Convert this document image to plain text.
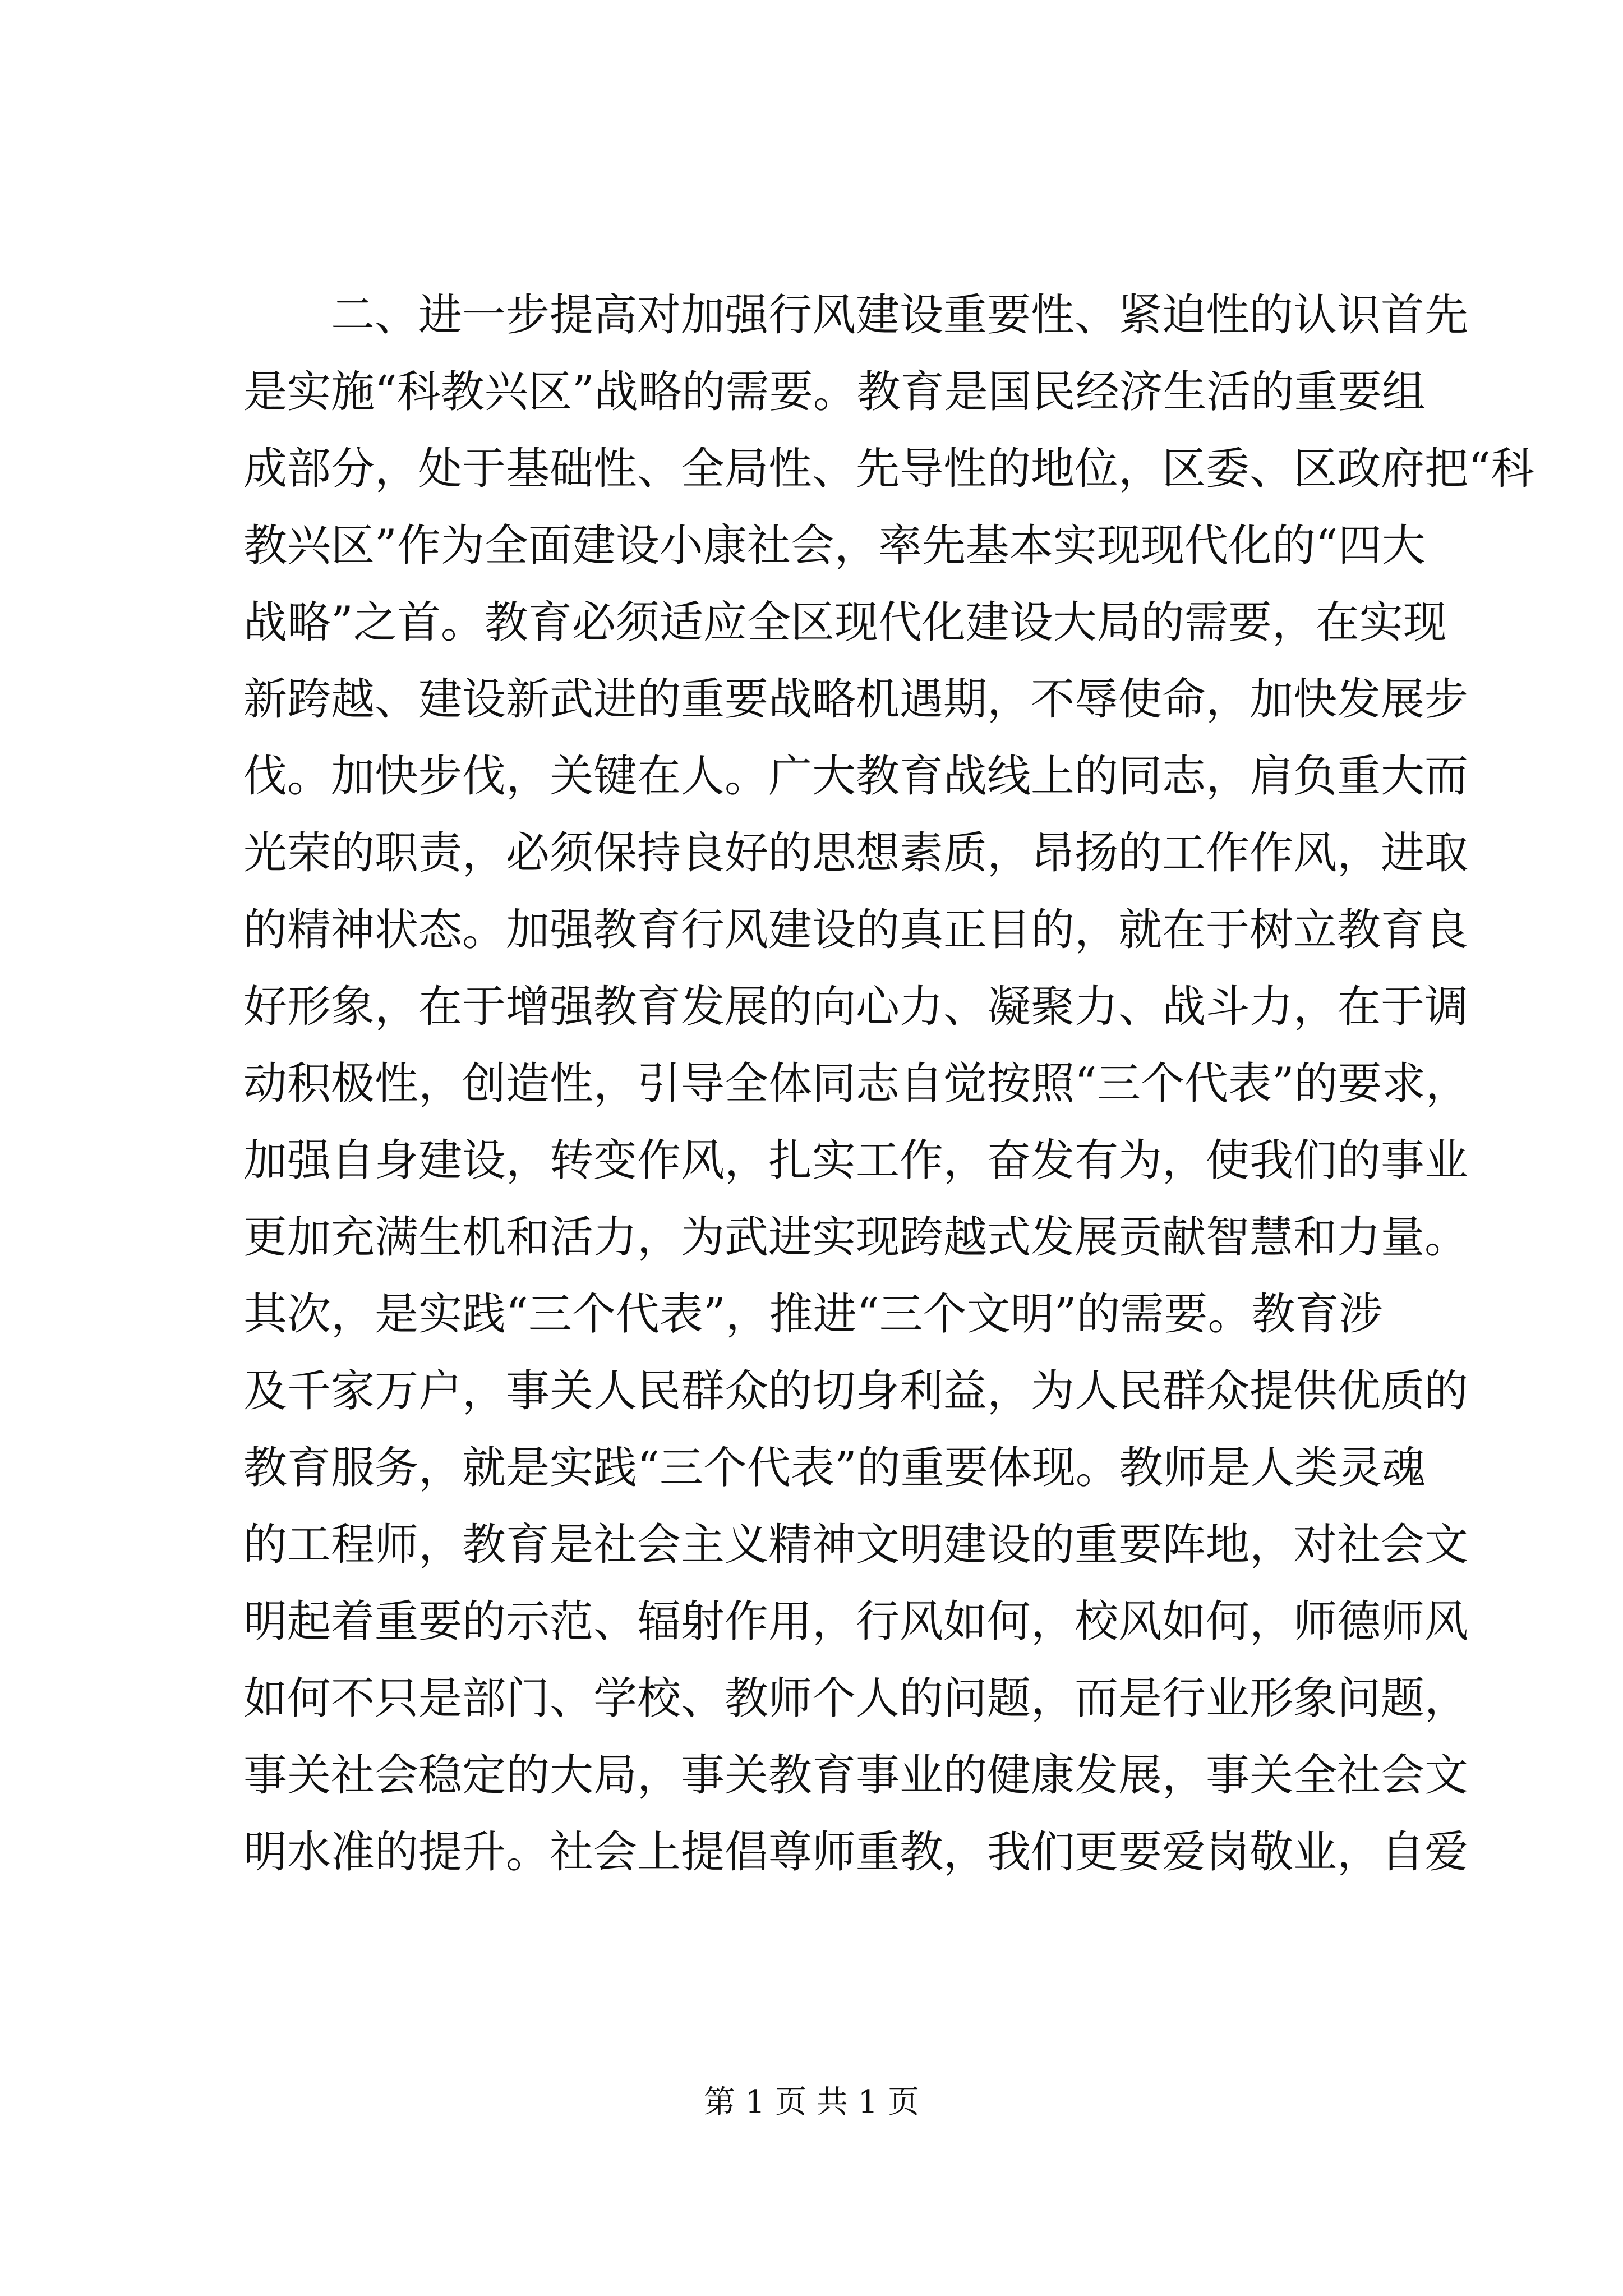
二、进一步提高对加强行风建设重要性、紧迫性的认识首先
是实施“科教兴区”战略的需要。教育是国民经济生活的重要组
成部分，处于基础性、全局性、先导性的地位，区委、区政府把“科
教兴区”作为全面建设小康社会，率先基本实现现代化的“四大
战略”之首。教育必须适应全区现代化建设大局的需要，在实现
新跨越、建设新武进的重要战略机遇期，不辱使命，加快发展步
伐。加快步伐，关键在人。广大教育战线上的同志，肩负重大而
光荣的职责，必须保持良好的思想素质，昂扬的工作作风，进取
的精神状态。加强教育行风建设的真正目的，就在于树立教育良
好形象，在于增强教育发展的向心力、凝聚力、战斗力，在于调
动积极性，创造性，引导全体同志自觉按照“三个代表”的要求，
加强自身建设，转变作风，扎实工作，奋发有为，使我们的事业
更加充满生机和活力，为武进实现跨越式发展贡献智慧和力量。
其次，是实践“三个代表”，推进“三个文明”的需要。教育涉
及千家万户，事关人民群众的切身利益，为人民群众提供优质的
教育服务，就是实践“三个代表”的重要体现。教师是人类灵魂
的工程师，教育是社会主义精神文明建设的重要阵地，对社会文
明起着重要的示范、辐射作用，行风如何，校风如何，师德师风
如何不只是部门、学校、教师个人的问题，而是行业形象问题，
事关社会稳定的大局，事关教育事业的健康发展，事关全社会文
明水准的提升。社会上提倡尊师重教，我们更要爱岗敬业，自爱
第 1 页 共 1 页
